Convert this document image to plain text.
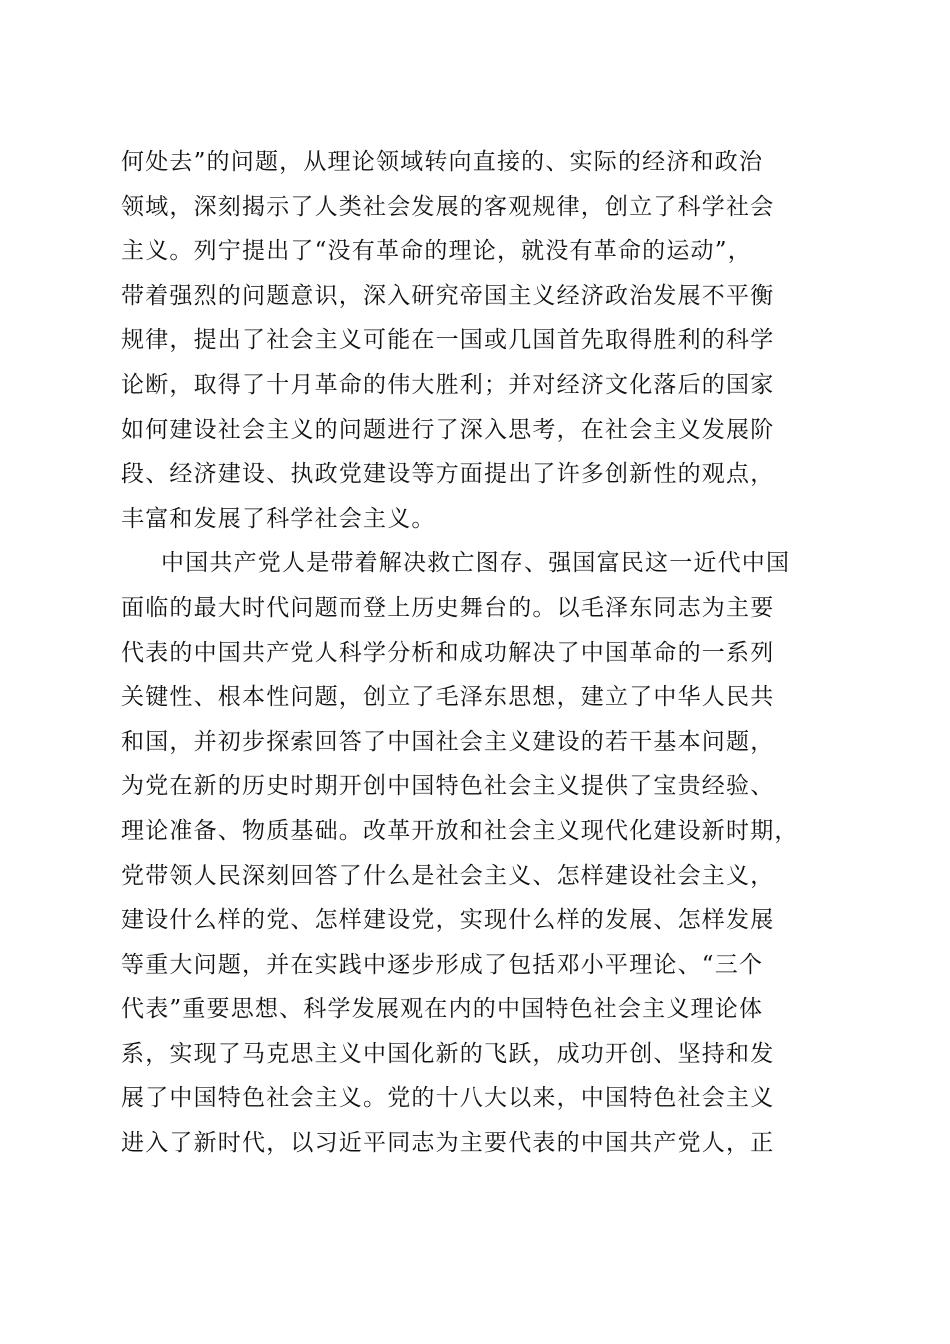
何处去”的问题，从理论领域转向直接的、实际的经济和政治
领域，深刻揭示了人类社会发展的客观规律，创立了科学社会
主义。列宁提出了“没有革命的理论，就没有革命的运动”，
带着强烈的问题意识，深入研究帝国主义经济政治发展不平衡
规律，提出了社会主义可能在一国或几国首先取得胜利的科学
论断，取得了十月革命的伟大胜利；并对经济文化落后的国家
如何建设社会主义的问题进行了深入思考，在社会主义发展阶
段、经济建设、执政党建设等方面提出了许多创新性的观点，
丰富和发展了科学社会主义。
中国共产党人是带着解决救亡图存、强国富民这一近代中国
面临的最大时代问题而登上历史舞台的。以毛泽东同志为主要
代表的中国共产党人科学分析和成功解决了中国革命的一系列
关键性、根本性问题，创立了毛泽东思想，建立了中华人民共
和国，并初步探索回答了中国社会主义建设的若干基本问题，
为党在新的历史时期开创中国特色社会主义提供了宝贵经验、
理论准备、物质基础。改革开放和社会主义现代化建设新时期，
党带领人民深刻回答了什么是社会主义、怎样建设社会主义，
建设什么样的党、怎样建设党，实现什么样的发展、怎样发展
等重大问题，并在实践中逐步形成了包括邓小平理论、“三个
代表”重要思想、科学发展观在内的中国特色社会主义理论体
系，实现了马克思主义中国化新的飞跃，成功开创、坚持和发
展了中国特色社会主义。党的十八大以来，中国特色社会主义
进入了新时代，以习近平同志为主要代表的中国共产党人，正
